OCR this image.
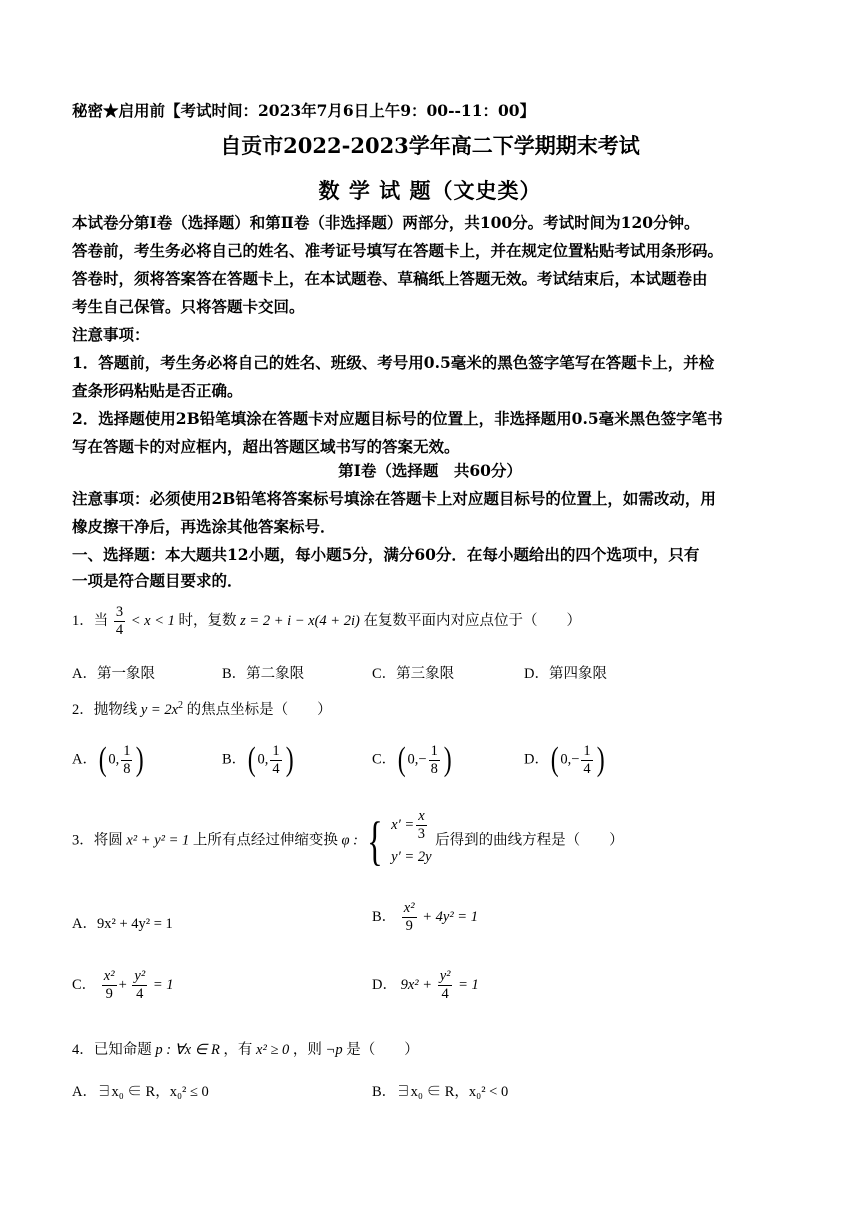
秘密★启用前【考试时间：2023年7月6日上午9：00--11：00】
自贡市2022-2023学年高二下学期期末考试
数 学 试 题（文史类）
本试卷分第Ⅰ卷（选择题）和第Ⅱ卷（非选择题）两部分，共100分。考试时间为120分钟。
答卷前，考生务必将自己的姓名、准考证号填写在答题卡上，并在规定位置粘贴考试用条形码。
答卷时，须将答案答在答题卡上，在本试题卷、草稿纸上答题无效。考试结束后，本试题卷由
考生自己保管。只将答题卡交回。
注意事项：
1．答题前，考生务必将自己的姓名、班级、考号用0.5毫米的黑色签字笔写在答题卡上，并检
查条形码粘贴是否正确。
2．选择题使用2B铅笔填涂在答题卡对应题目标号的位置上，非选择题用0.5毫米黑色签字笔书
写在答题卡的对应框内，超出答题区域书写的答案无效。
第Ⅰ卷（选择题　共60分）
注意事项：必须使用2B铅笔将答案标号填涂在答题卡上对应题目标号的位置上，如需改动，用
橡皮擦干净后，再选涂其他答案标号．
一、选择题：本大题共12小题，每小题5分，满分60分．在每小题给出的四个选项中，只有
一项是符合题目要求的．
1．当 $\frac{3}{4} < x < 1$ 时，复数 z = 2 + i − x(4 + 2i) 在复数平面内对应点位于（　　）
A．第一象限	B．第二象限	C．第三象限	D．第四象限
2．抛物线 $y = 2x^2$ 的焦点坐标是（　　）
A．( 0, $\frac{1}{8}$ )	B．( 0, $\frac{1}{4}$ )	C．( $0,- \frac{1}{8}$ )	D．( $0,- \frac{1}{4}$ )
3．将圆 x² + y² = 1 上所有点经过伸缩变换 φ : { $x' = \frac{x}{3}$
y′ = 2y
后得到的曲线方程是（　　）
A．9x² + 4y² = 1	B． $\frac{\text{x²}}{9} + 4y^2 = 1$
C． $\frac{\text{x²}}{9} + \frac{\text{y²}}{4} = 1$	D． $9x^2 + \frac{\text{y²}}{4} = 1$
4．已知命题 p : ∀x ∈ R ，有 x² ≥ 0 ，则 ¬p 是（　　）
A．∃x₀ ∈ R，x₀² ≤ 0	B．∃x₀ ∈ R，x₀² < 0
